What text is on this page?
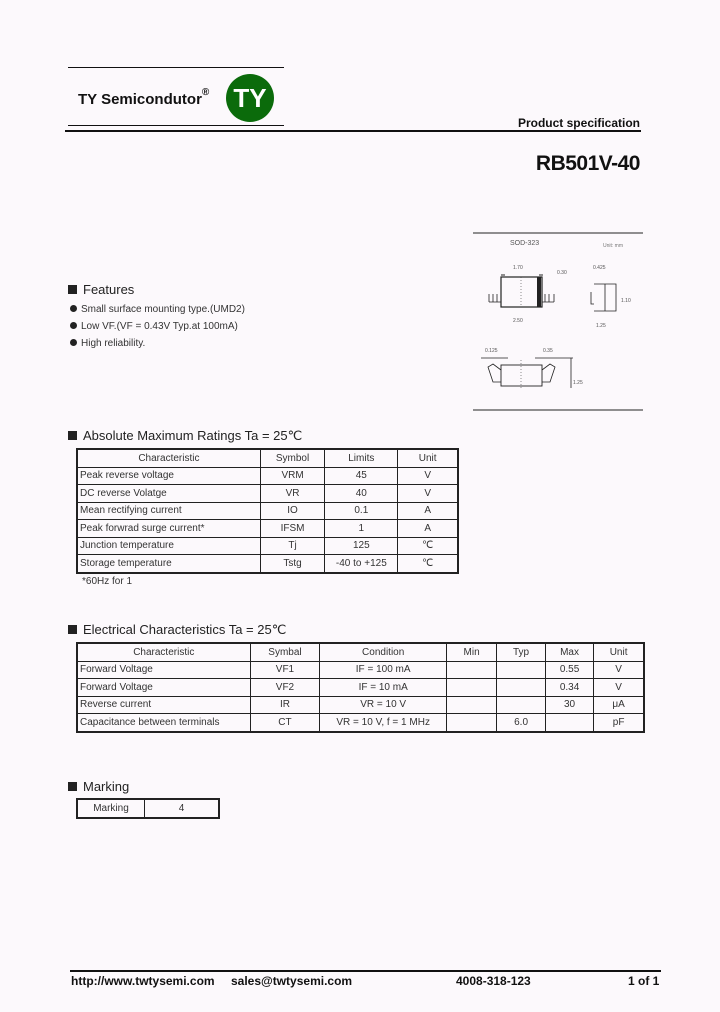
TY Semicondutor® TY
Product specification
RB501V-40
SOD-323	Unit: mm
1.70
2.50
0.30
0.425
1.10
1.25
0.125	0.35
1.25
Features
Small surface mounting type.(UMD2)
Low VF.(VF = 0.43V Typ.at 100mA)
High reliability.
Absolute Maximum Ratings Ta = 25℃
Characteristic	Symbol	Limits	Unit
Peak reverse voltage	VRM	45	V
DC reverse Volatge	VR	40	V
Mean rectifying current	IO	0.1	A
Peak forwrad surge current*	IFSM	1	A
Junction temperature	Tj	125	℃
Storage temperature	Tstg	-40 to +125	℃
*60Hz for 1
Electrical Characteristics Ta = 25℃
Characteristic	Symbal	Condition	Min	Typ	Max	Unit
Forward Voltage	VF1	IF = 100 mA			0.55	V
Forward Voltage	VF2	IF = 10 mA			0.34	V
Reverse current	IR	VR = 10 V			30	μA
Capacitance between terminals	CT	VR = 10 V, f = 1 MHz		6.0		pF
Marking
Marking	4
http://www.twtysemi.com sales@twtysemi.com	4008-318-123	1 of 1
